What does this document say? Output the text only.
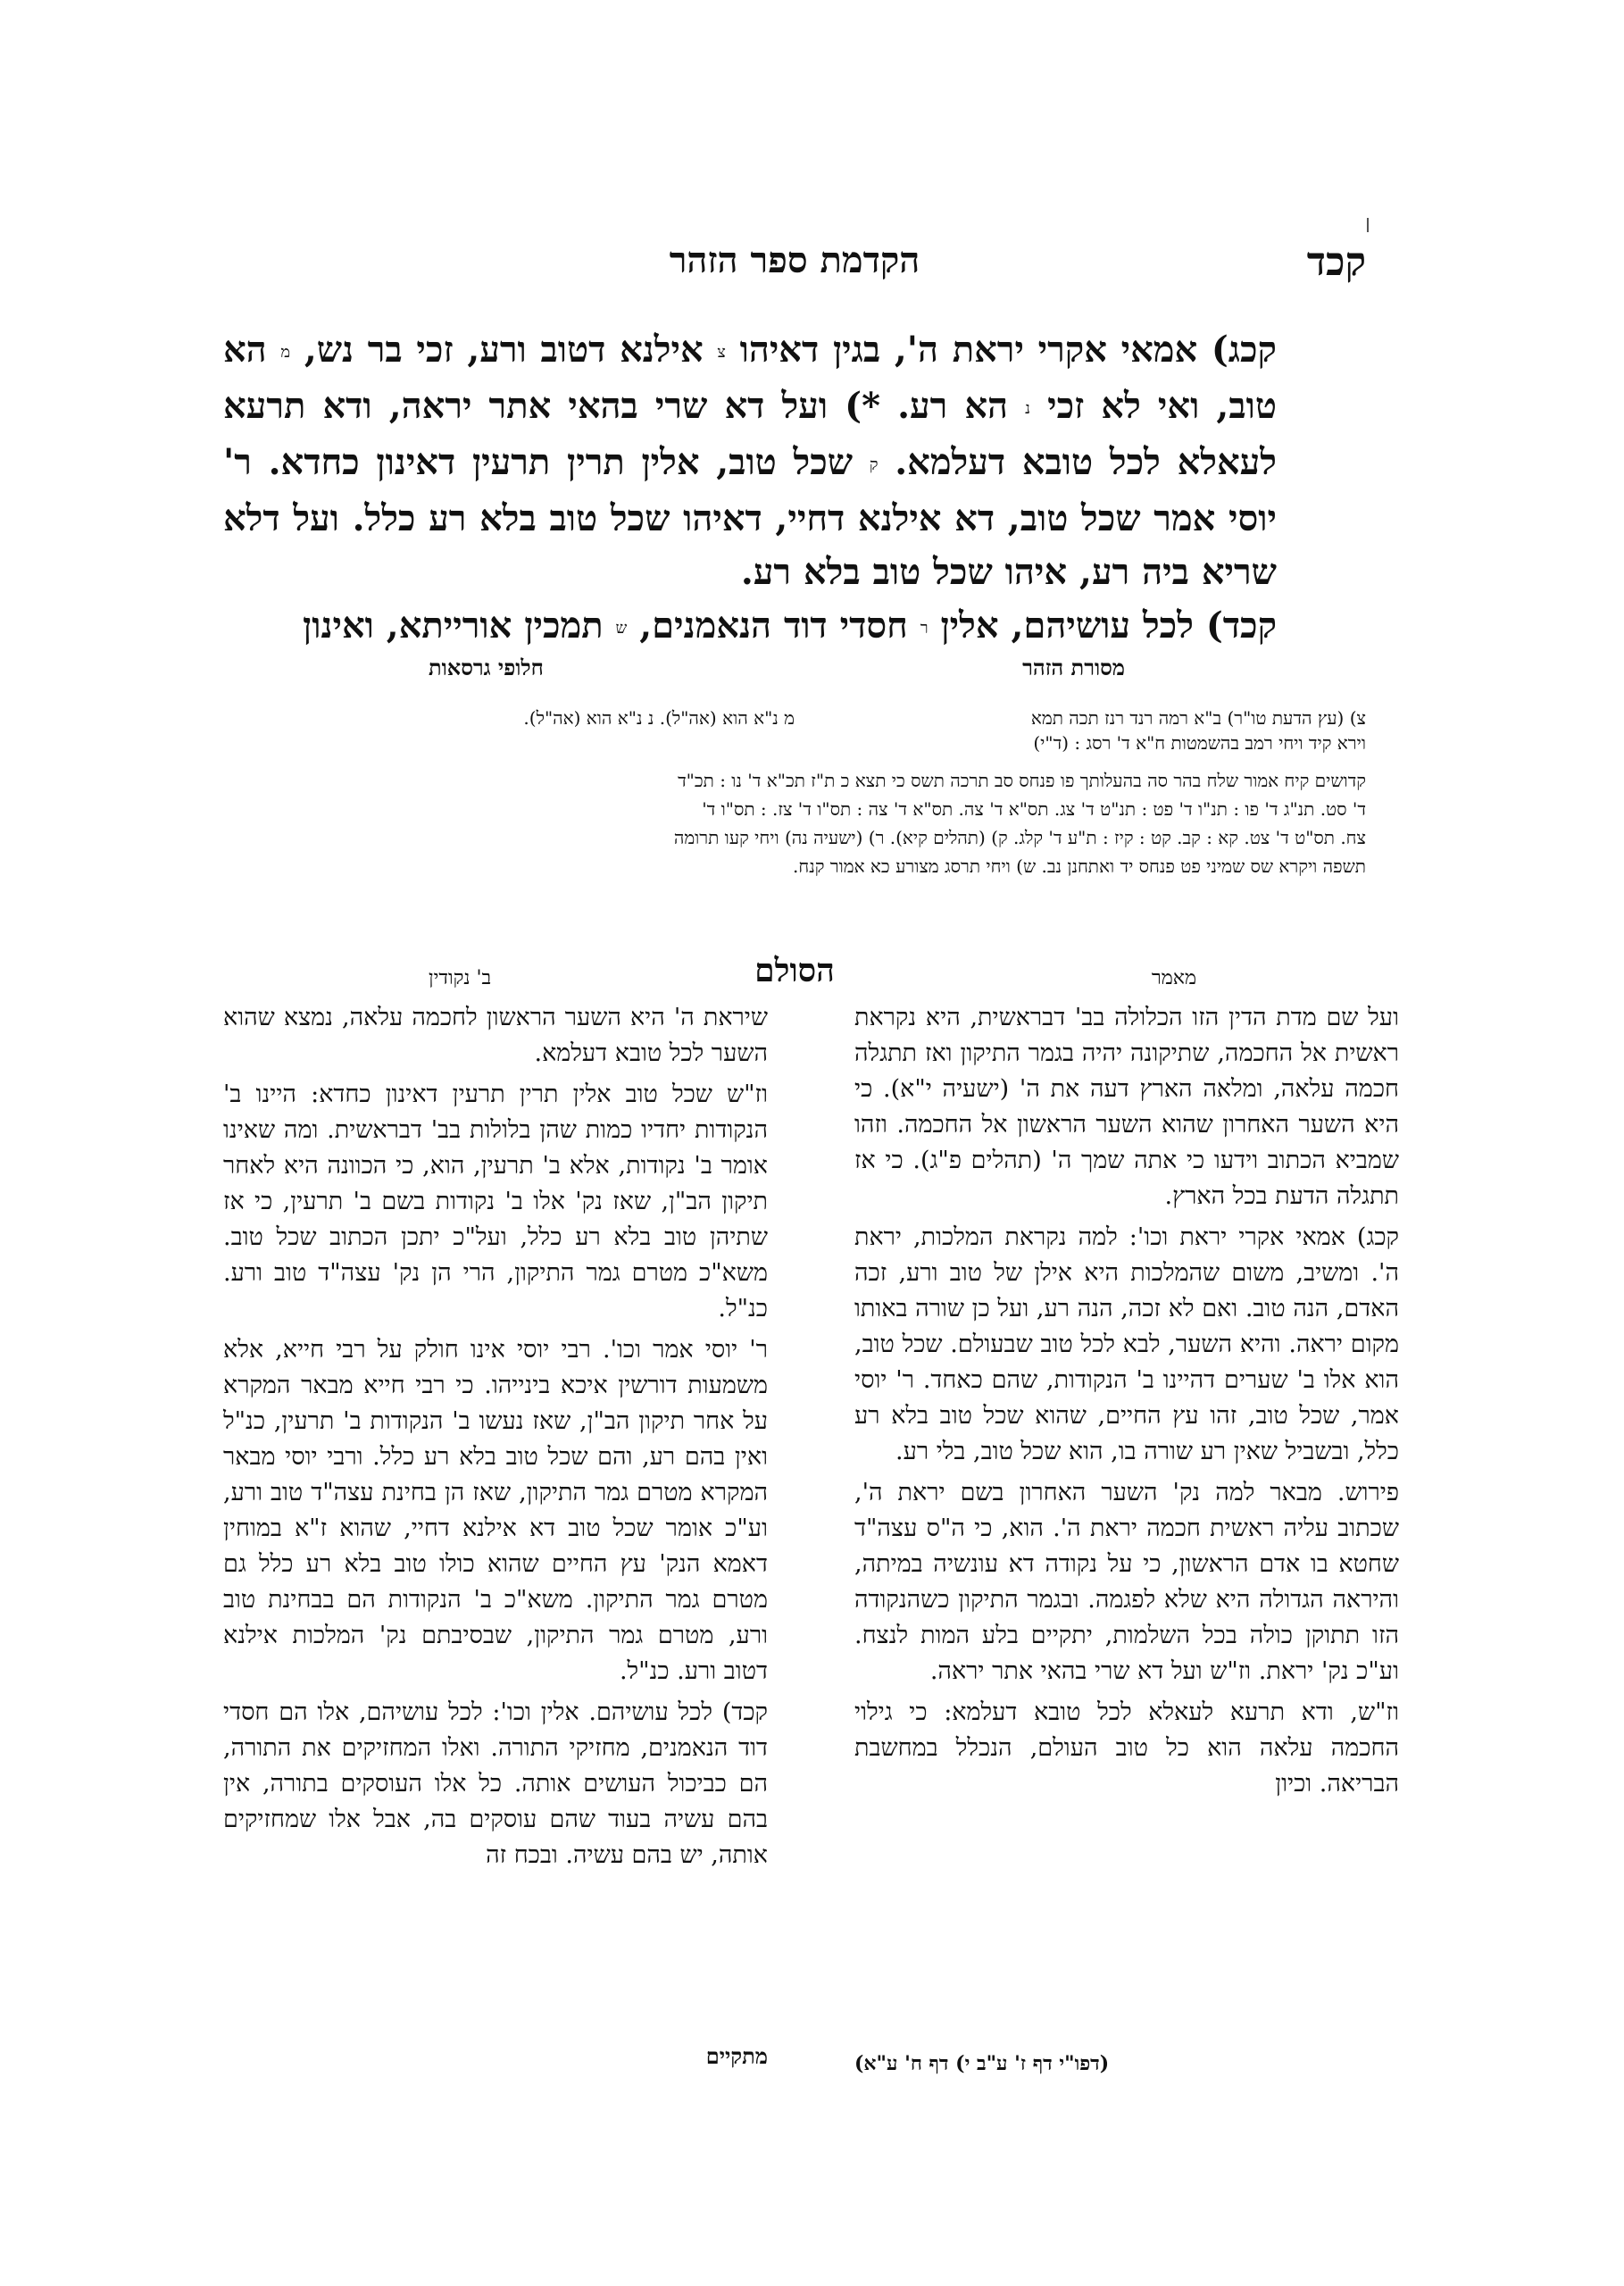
קכד
הקדמת ספר הזהר

קכג) אמאי אקרי יראת ה', בגין דאיהו צ אילנא דטוב ורע, זכי בר נש, מ הא טוב, ואי לא זכי נ הא רע. *) ועל דא שרי בהאי אתר יראה, ודא תרעא לעאלא לכל טובא דעלמא. ק שכל טוב, אלין תרין תרעין דאינון כחדא. ר' יוסי אמר שכל טוב, דא אילנא דחיי, דאיהו שכל טוב בלא רע כלל. ועל דלא שריא ביה רע, איהו שכל טוב בלא רע.

קכד) לכל עושיהם, אלין ר חסדי דוד הנאמנים, ש תמכין אורייתא, ואינון

מסורת הזהר
חלופי גרסאות
צ) (עץ הדעת טו"ר) ב"א רמה רנד רנז תכה תמא
וירא קיד ויחי רמב בהשמטות ח"א ד' רסג : (ד"י)
מ נ"א הוא (אה"ל). נ נ"א הוא (אה"ל).

קדושים קיח אמור שלח בהר סה בהעלותך פו פנחס סב תרכה תשס כי תצא כ ת"ז תכ"א ד' נו : תכ"ד

ד' סט. תנ"ג ד' פו : תנ"ו ד' פט : תנ"ט ד' צג. תס"א ד' צה. תס"א ד' צה : תס"ו ד' צז. : תס"ו ד'

צח. תס"ט ד' צט. קא : קב. קט : קיז : ת"ע ד' קלג. ק) (תהלים קיא). ר) (ישעיה נה) ויחי קעו תרומה

תשפה ויקרא שס שמיני פט פנחס יד ואתחנן נב. ש) ויחי תרסג מצורע כא אמור קנח.

מאמר
הסולם
ב' נקודין

ועל שם מדת הדין הזו הכלולה בב' דבראשית, היא נקראת ראשית אל החכמה, שתיקונה יהיה בגמר התיקון ואז תתגלה חכמה עלאה, ומלאה הארץ דעה את ה' (ישעיה י"א). כי היא השער האחרון שהוא השער הראשון אל החכמה. וזהו שמביא הכתוב וידעו כי אתה שמך ה' (תהלים פ"ג). כי אז תתגלה הדעת בכל הארץ.

קכג) אמאי אקרי יראת וכו': למה נקראת המלכות, יראת ה'. ומשיב, משום שהמלכות היא אילן של טוב ורע, זכה האדם, הנה טוב. ואם לא זכה, הנה רע, ועל כן שורה באותו מקום יראה. והיא השער, לבא לכל טוב שבעולם. שכל טוב, הוא אלו ב' שערים דהיינו ב' הנקודות, שהם כאחד. ר' יוסי אמר, שכל טוב, זהו עץ החיים, שהוא שכל טוב בלא רע כלל, ובשביל שאין רע שורה בו, הוא שכל טוב, בלי רע.

פירוש. מבאר למה נק' השער האחרון בשם יראת ה', שכתוב עליה ראשית חכמה יראת ה'. הוא, כי ה"ס עצה"ד שחטא בו אדם הראשון, כי על נקודה דא עונשיה במיתה, והיראה הגדולה היא שלא לפגמה. ובגמר התיקון כשהנקודה הזו תתוקן כולה בכל השלמות, יתקיים בלע המות לנצח. וע"כ נק' יראת. וז"ש ועל דא שרי בהאי אתר יראה.

וז"ש, ודא תרעא לעאלא לכל טובא דעלמא: כי גילוי החכמה עלאה הוא כל טוב העולם, הנכלל במחשבת הבריאה. וכיון

שיראת ה' היא השער הראשון לחכמה עלאה, נמצא שהוא השער לכל טובא דעלמא.

וז"ש שכל טוב אלין תרין תרעין דאינון כחדא: היינו ב' הנקודות יחדיו כמות שהן בלולות בב' דבראשית. ומה שאינו אומר ב' נקודות, אלא ב' תרעין, הוא, כי הכוונה היא לאחר תיקון הב"ן, שאז נק' אלו ב' נקודות בשם ב' תרעין, כי אז שתיהן טוב בלא רע כלל, ועל"כ יתכן הכתוב שכל טוב. משא"כ מטרם גמר התיקון, הרי הן נק' עצה"ד טוב ורע. כנ"ל.

ר' יוסי אמר וכו'. רבי יוסי אינו חולק על רבי חייא, אלא משמעות דורשין איכא בינייהו. כי רבי חייא מבאר המקרא על אחר תיקון הב"ן, שאז נעשו ב' הנקודות ב' תרעין, כנ"ל ואין בהם רע, והם שכל טוב בלא רע כלל. ורבי יוסי מבאר המקרא מטרם גמר התיקון, שאז הן בחינת עצה"ד טוב ורע, וע"כ אומר שכל טוב דא אילנא דחיי, שהוא ז"א במוחין דאמא הנק' עץ החיים שהוא כולו טוב בלא רע כלל גם מטרם גמר התיקון. משא"כ ב' הנקודות הם בבחינת טוב ורע, מטרם גמר התיקון, שבסיבתם נק' המלכות אילנא דטוב ורע. כנ"ל.

קכד) לכל עושיהם. אלין וכו': לכל עושיהם, אלו הם חסדי דוד הנאמנים, מחזיקי התורה. ואלו המחזיקים את התורה, הם כביכול העושים אותה. כל אלו העוסקים בתורה, אין בהם עשיה בעוד שהם עוסקים בה, אבל אלו שמחזיקים אותה, יש בהם עשיה. ובכח זה

מתקיים	(דפו"י דף ז' ע"ב י) דף ח' ע"א)
